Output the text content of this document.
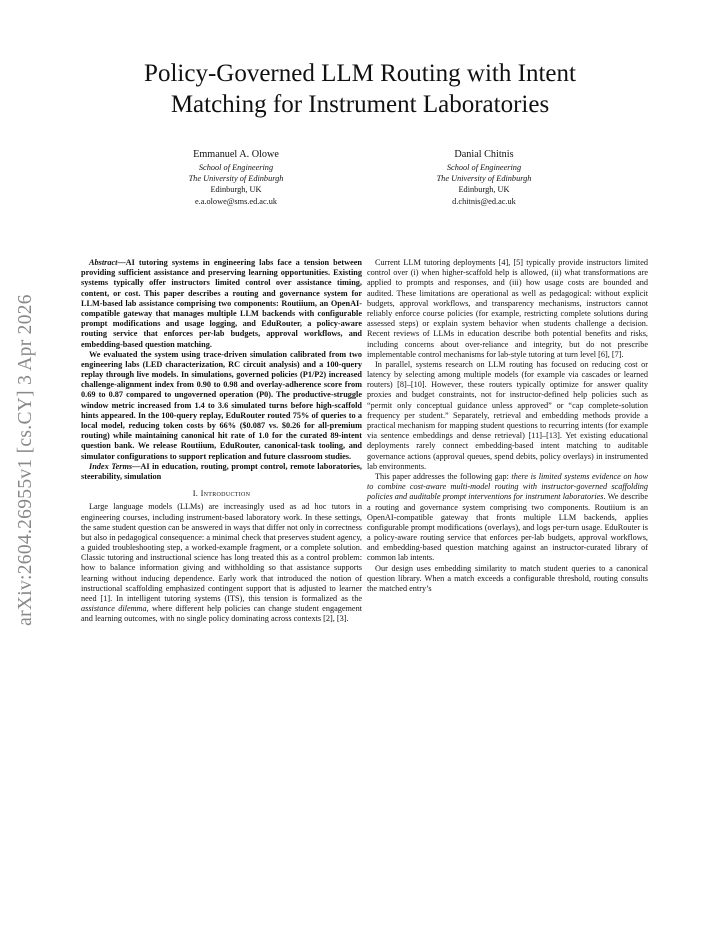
arXiv:2604.26955v1 [cs.CY] 3 Apr 2026
Policy-Governed LLM Routing with Intent
Matching for Instrument Laboratories
Emmanuel A. Olowe
School of Engineering
The University of Edinburgh
Edinburgh, UK
e.a.olowe@sms.ed.ac.uk
Danial Chitnis
School of Engineering
The University of Edinburgh
Edinburgh, UK
d.chitnis@ed.ac.uk

Abstract—AI tutoring systems in engineering labs face a tension between providing sufficient assistance and preserving learning opportunities. Existing systems typically offer instructors limited control over assistance timing, content, or cost. This paper describes a routing and governance system for LLM-based lab assistance comprising two components: Routiium, an OpenAI-compatible gateway that manages multiple LLM backends with configurable prompt modifications and usage logging, and EduRouter, a policy-aware routing service that enforces per-lab budgets, approval workflows, and embedding-based question matching.

We evaluated the system using trace-driven simulation calibrated from two engineering labs (LED characterization, RC circuit analysis) and a 100-query replay through live models. In simulations, governed policies (P1/P2) increased challenge-alignment index from 0.90 to 0.98 and overlay-adherence score from 0.69 to 0.87 compared to ungoverned operation (P0). The productive-struggle window metric increased from 1.4 to 3.6 simulated turns before high-scaffold hints appeared. In the 100-query replay, EduRouter routed 75% of queries to a local model, reducing token costs by 66% ($0.087 vs. $0.26 for all-premium routing) while maintaining canonical hit rate of 1.0 for the curated 89-intent question bank. We release Routiium, EduRouter, canonical-task tooling, and simulator configurations to support replication and future classroom studies.

Index Terms—AI in education, routing, prompt control, remote laboratories, steerability, simulation

I. Introduction

Large language models (LLMs) are increasingly used as ad hoc tutors in engineering courses, including instrument-based laboratory work. In these settings, the same student question can be answered in ways that differ not only in correctness but also in pedagogical consequence: a minimal check that preserves student agency, a guided troubleshooting step, a worked-example fragment, or a complete solution. Classic tutoring and instructional science has long treated this as a control problem: how to balance information giving and withholding so that assistance supports learning without inducing dependence. Early work that introduced the notion of instructional scaffolding emphasized contingent support that is adjusted to learner need [1]. In intelligent tutoring systems (ITS), this tension is formalized as the assistance dilemma, where different help policies can change student engagement and learning outcomes, with no single policy dominating across contexts [2], [3].

Current LLM tutoring deployments [4], [5] typically provide instructors limited control over (i) when higher-scaffold help is allowed, (ii) what transformations are applied to prompts and responses, and (iii) how usage costs are bounded and audited. These limitations are operational as well as pedagogical: without explicit budgets, approval workflows, and transparency mechanisms, instructors cannot reliably enforce course policies (for example, restricting complete solutions during assessed steps) or explain system behavior when students challenge a decision. Recent reviews of LLMs in education describe both potential benefits and risks, including concerns about over-reliance and integrity, but do not prescribe implementable control mechanisms for lab-style tutoring at turn level [6], [7].

In parallel, systems research on LLM routing has focused on reducing cost or latency by selecting among multiple models (for example via cascades or learned routers) [8]–[10]. However, these routers typically optimize for answer quality proxies and budget constraints, not for instructor-defined help policies such as “permit only conceptual guidance unless approved” or “cap complete-solution frequency per student.” Separately, retrieval and embedding methods provide a practical mechanism for mapping student questions to recurring intents (for example via sentence embeddings and dense retrieval) [11]–[13]. Yet existing educational deployments rarely connect embedding-based intent matching to auditable governance actions (approval queues, spend debits, policy overlays) in instrumented lab environments.

This paper addresses the following gap: there is limited systems evidence on how to combine cost-aware multi-model routing with instructor-governed scaffolding policies and auditable prompt interventions for instrument laboratories. We describe a routing and governance system comprising two components. Routiium is an OpenAI-compatible gateway that fronts multiple LLM backends, applies configurable prompt modifications (overlays), and logs per-turn usage. EduRouter is a policy-aware routing service that enforces per-lab budgets, approval workflows, and embedding-based question matching against an instructor-curated library of common lab intents.

Our design uses embedding similarity to match student queries to a canonical question library. When a match exceeds a configurable threshold, routing consults the matched entry’s
